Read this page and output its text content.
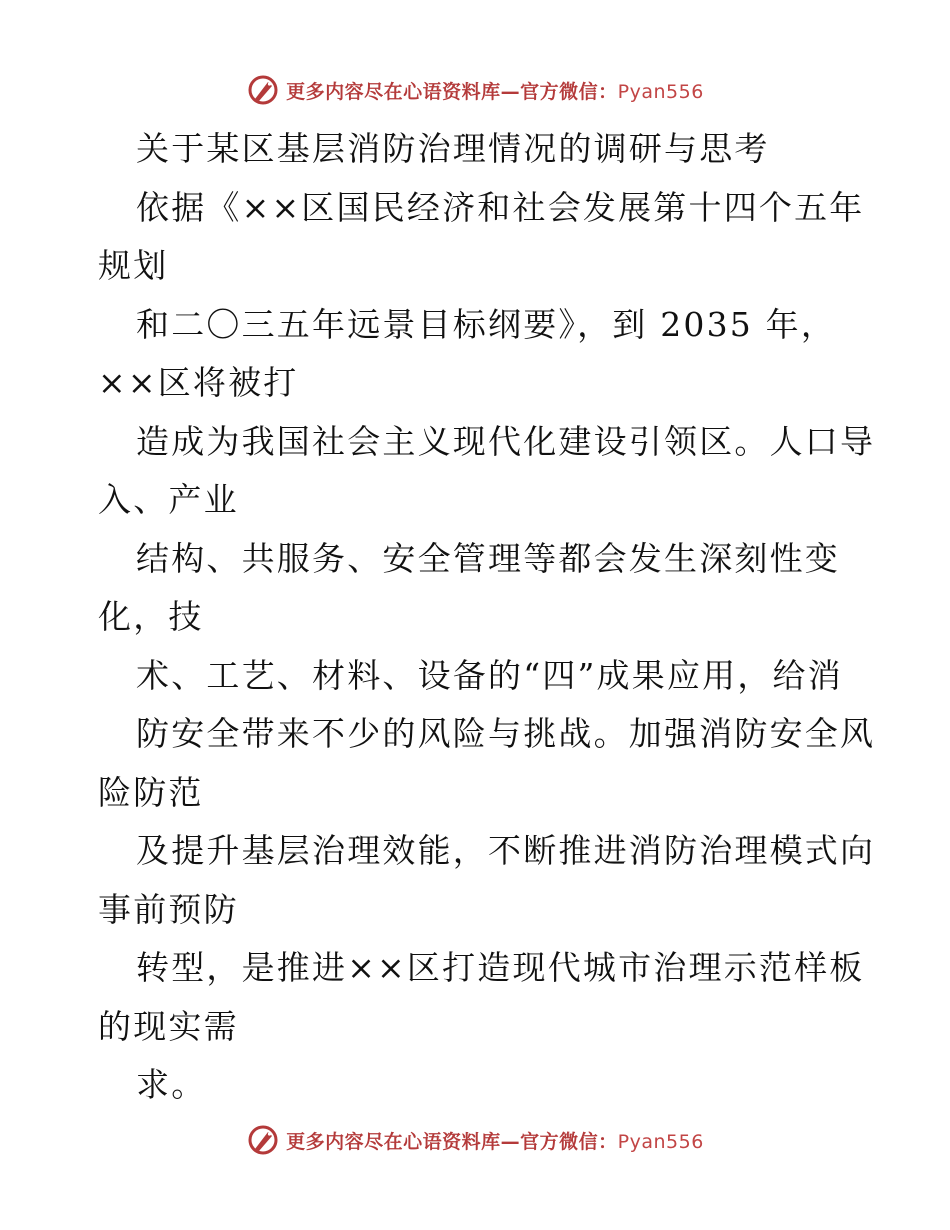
更多内容尽在心语资料库—官方微信：Pyan556
关于某区基层消防治理情况的调研与思考
依据《××区国民经济和社会发展第十四个五年
规划
和二〇三五年远景目标纲要》，到 2035 年，
××区将被打
造成为我国社会主义现代化建设引领区。人口导
入、产业
结构、共服务、安全管理等都会发生深刻性变
化，技
术、工艺、材料、设备的“四”成果应用，给消
防安全带来不少的风险与挑战。加强消防安全风
险防范
及提升基层治理效能，不断推进消防治理模式向
事前预防
转型，是推进××区打造现代城市治理示范样板
的现实需
求。
更多内容尽在心语资料库—官方微信：Pyan556
